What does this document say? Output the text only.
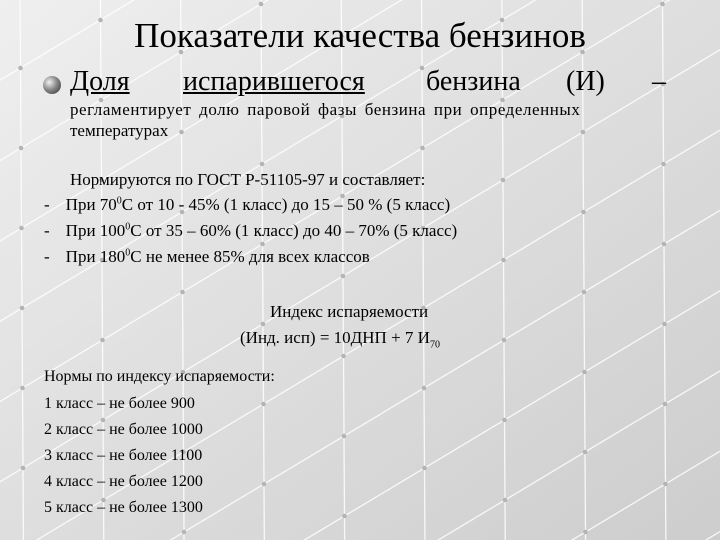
Показатели качества бензинов
Доля испарившегося бензина (И) –
регламентирует долю паровой фазы бензина при определенных
температурах
Нормируются по ГОСТ Р-51105-97 и составляет:
- При $70^0С$ от 10 - 45% (1 класс) до 15 – 50 % (5 класс)
- При $100^0С$ от 35 – 60% (1 класс) до 40 – 70% (5 класс)
- При $180^0С$ не менее 85% для всех классов
Индекс испаряемости
(Инд. исп) = 10ДНП + 7 $И_{70}$
Нормы по индексу испаряемости:
1 класс – не более 900
2 класс – не более 1000
3 класс – не более 1100
4 класс – не более 1200
5 класс – не более 1300
